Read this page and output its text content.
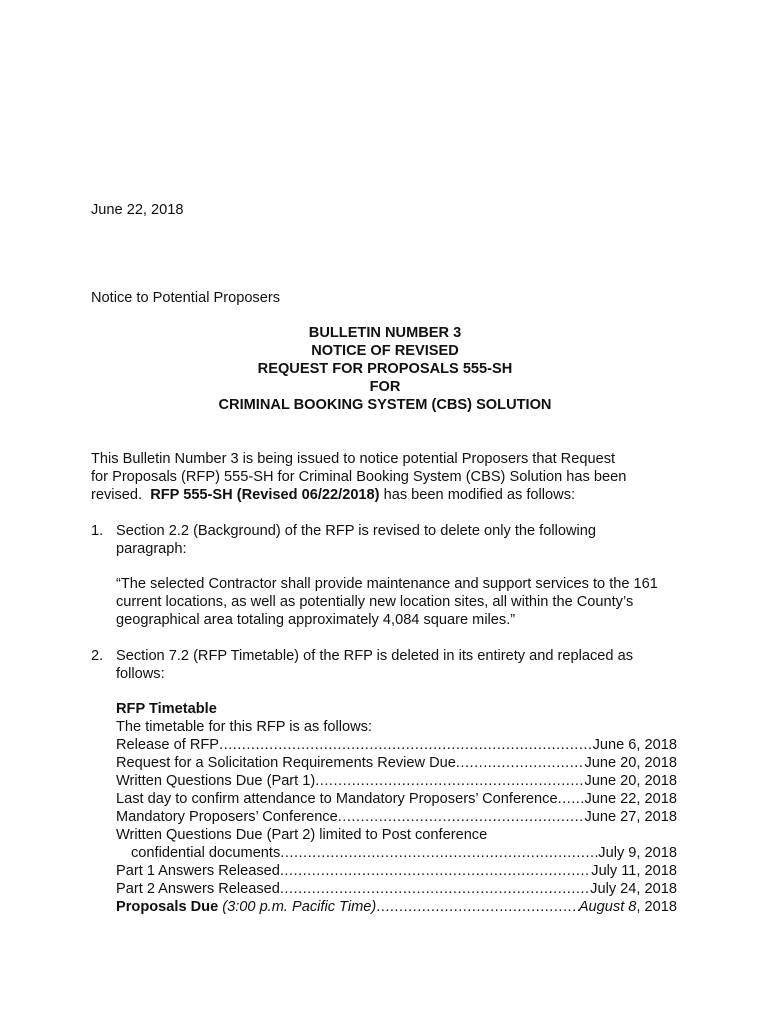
June 22, 2018
Notice to Potential Proposers
BULLETIN NUMBER 3
NOTICE OF REVISED
REQUEST FOR PROPOSALS 555-SH
FOR
CRIMINAL BOOKING SYSTEM (CBS) SOLUTION
This Bulletin Number 3 is being issued to notice potential Proposers that Request
for Proposals (RFP) 555-SH for Criminal Booking System (CBS) Solution has been
revised. RFP 555-SH (Revised 06/22/2018) has been modified as follows:
1. Section 2.2 (Background) of the RFP is revised to delete only the following
paragraph:
“The selected Contractor shall provide maintenance and support services to the 161
current locations, as well as potentially new location sites, all within the County’s
geographical area totaling approximately 4,084 square miles.”
2. Section 7.2 (RFP Timetable) of the RFP is deleted in its entirety and replaced as
follows:
RFP Timetable
The timetable for this RFP is as follows:
Release of RFP .....	June 6, 2018
Request for a Solicitation Requirements Review Due .....	June 20, 2018
Written Questions Due (Part 1) .....	June 20, 2018
Last day to confirm attendance to Mandatory Proposers’ Conference ..... June 22, 2018
Mandatory Proposers’ Conference .....	June 27, 2018
Written Questions Due (Part 2) limited to Post conference
confidential documents .....	July 9, 2018
Part 1 Answers Released .....	July 11, 2018
Part 2 Answers Released .....	July 24, 2018
Proposals Due (3:00 p.m. Pacific Time) .....	August 8, 2018
